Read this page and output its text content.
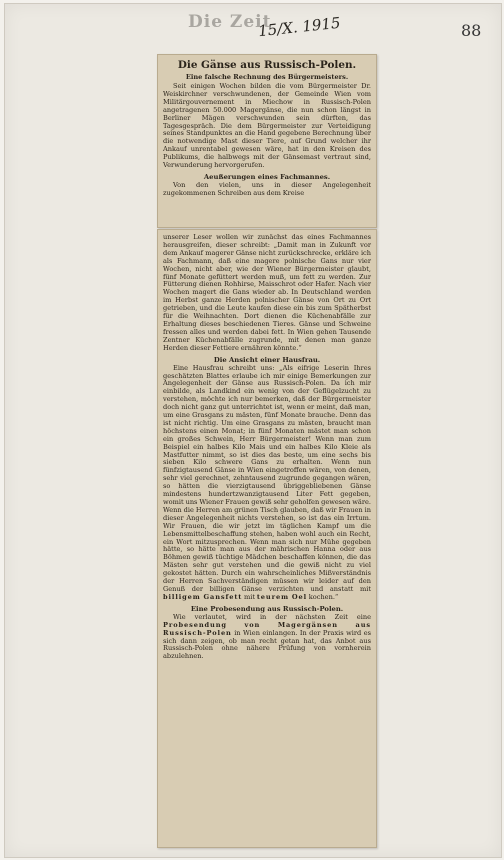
Die Zeit
15/X. 1915	88
Die Gänse aus Russisch-Polen.
Eine falsche Rechnung des Bürgermeisters.
Seit einigen Wochen bilden die vom Bürgermeister Dr. Weiskirchner verschwundenen, der Gemeinde Wien vom Militärgouvernement in Miechow in Russisch-Polen angetragenen 50.000 Magergänse, die nun schon längst in Berliner Mägen verschwunden sein dürften, das Tagesgespräch. Die dem Bürgermeister zur Verteidigung seines Standpunktes an die Hand gegebene Berechnung über die notwendige Mast dieser Tiere, auf Grund welcher ihr Ankauf unrentabel gewesen wäre, hat in den Kreisen des Publikums, die halbwegs mit der Gänsemast vertraut sind, Verwunderung hervorgerufen.
Aeußerungen eines Fachmannes.
Von den vielen, uns in dieser Angelegenheit zugekommenen Schreiben aus dem Kreise
unserer Leser wollen wir zunächst das eines Fachmannes herausgreifen, dieser schreibt: „Damit man in Zukunft vor dem Ankauf magerer Gänse nicht zurückschrecke, erkläre ich als Fachmann, daß eine magere polnische Gans nur vier Wochen, nicht aber, wie der Wiener Bürgermeister glaubt, fünf Monate gefüttert werden muß, um fett zu werden. Zur Fütterung dienen Rohhirse, Maisschrot oder Hafer. Nach vier Wochen magert die Gans wieder ab. In Deutschland werden im Herbst ganze Herden polnischer Gänse von Ort zu Ort getrieben, und die Leute kaufen diese ein bis zum Spätherbst für die Weihnachten. Dort dienen die Küchenabfälle zur Erhaltung dieses beschiedenen Tieres. Gänse und Schweine fressen alles und werden dabei fett. In Wien gehen Tausende Zentner Küchenabfälle zugrunde, mit denen man ganze Herden dieser Fettiere ernähren könnte.“
Die Ansicht einer Hausfrau.
Eine Hausfrau schreibt uns: „Als eifrige Leserin Ihres geschätzten Blattes erlaube ich mir einige Bemerkungen zur Angelegenheit der Gänse aus Russisch-Polen. Da ich mir einbilde, als Landkind ein wenig von der Geflügelzucht zu verstehen, möchte ich nur bemerken, daß der Bürgermeister doch nicht ganz gut unterrichtet ist, wenn er meint, daß man, um eine Grasgans zu mästen, fünf Monate brauche. Denn das ist nicht richtig. Um eine Grasgans zu mästen, braucht man höchstens einen Monat; in fünf Monaten mästet man schon ein großes Schwein, Herr Bürgermeister! Wenn man zum Beispiel ein halbes Kilo Mais und ein halbes Kilo Kleie als Mastfutter nimmt, so ist dies das beste, um eine sechs bis sieben Kilo schwere Gans zu erhalten. Wenn nun fünfzigtausend Gänse in Wien eingetroffen wären, von denen, sehr viel gerechnet, zehntausend zugrunde gegangen wären, so hätten die vierzigtausend übriggebliebenen Gänse mindestens hundertzwanzigtausend Liter Fett gegeben, womit uns Wiener Frauen gewiß sehr geholfen gewesen wäre. Wenn die Herren am grünen Tisch glauben, daß wir Frauen in dieser Angelegenheit nichts verstehen, so ist das ein Irrtum. Wir Frauen, die wir jetzt im täglichen Kampf um die Lebensmittelbeschaffung stehen, haben wohl auch ein Recht, ein Wort mitzusprechen. Wenn man sich nur Mühe gegeben hätte, so hätte man aus der mährischen Hanna oder aus Böhmen gewiß tüchtige Mädchen beschaffen können, die das Mästen sehr gut verstehen und die gewiß nicht zu viel gekostet hätten. Durch ein wahrscheinliches Mißverständnis der Herren Sachverständigen müssen wir leider auf den Genuß der billigen Gänse verzichten und anstatt mit billigem Gansfett mit teurem Oel kochen.“
Eine Probesendung aus Russisch-Polen.
Wie verlautet, wird in der nächsten Zeit eine Probesendung von Magergänsen aus Russisch-Polen in Wien einlangen. In der Praxis wird es sich dann zeigen, ob man recht getan hat, das Anbot aus Russisch-Polen ohne nähere Prüfung von vornherein abzulehnen.
